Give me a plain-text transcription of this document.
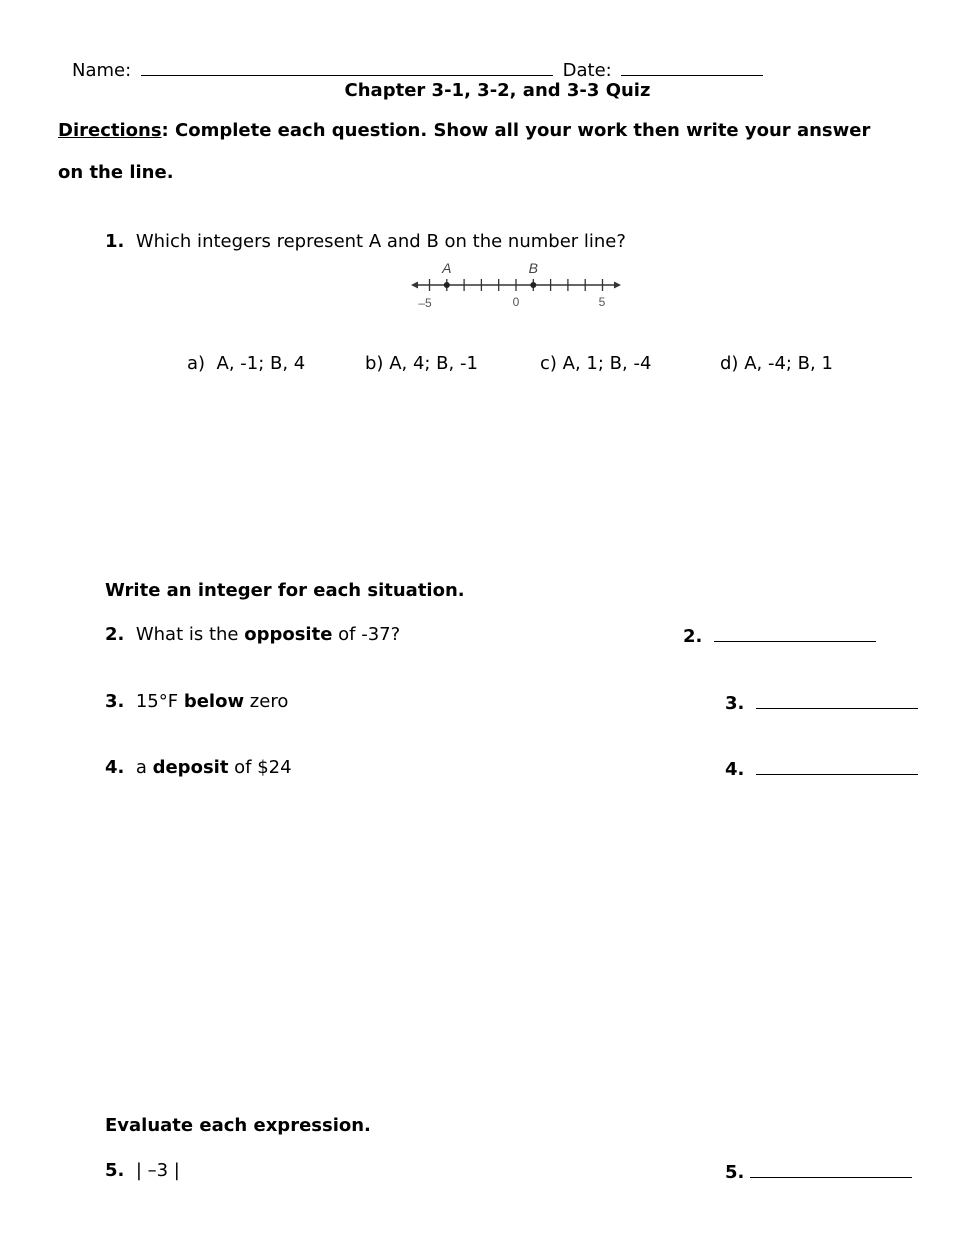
Name:	Date:
Chapter 3-1, 3-2, and 3-3 Quiz
Directions: Complete each question. Show all your work then write your answer
on the line.
1. Which integers represent A and B on the number line?
A	B
–5	0	5
a) A, -1; B, 4	b) A, 4; B, -1	c) A, 1; B, -4	d) A, -4; B, 1
Write an integer for each situation.
2. What is the opposite of -37?	2.
3. 15°F below zero	3.
4. a deposit of $24	4.
Evaluate each expression.
5. | –3 |	5.
